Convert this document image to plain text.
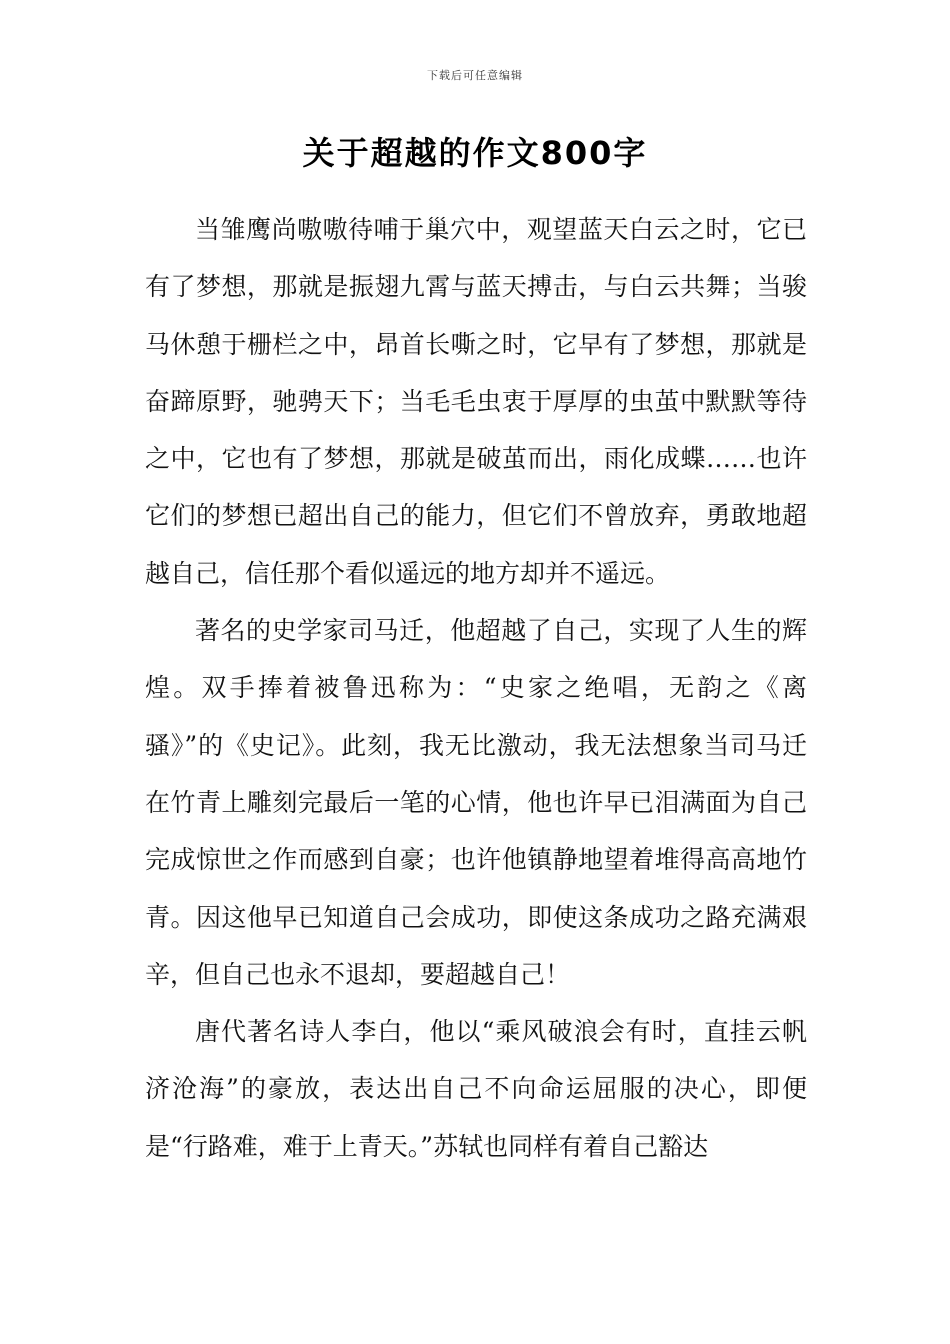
下载后可任意编辑
关于超越的作文800字

当雏鹰尚嗷嗷待哺于巢穴中，观望蓝天白云之时，它已有了梦想，那就是振翅九霄与蓝天搏击，与白云共舞；当骏马休憩于栅栏之中，昂首长嘶之时，它早有了梦想，那就是奋蹄原野，驰骋天下；当毛毛虫衷于厚厚的虫茧中默默等待之中，它也有了梦想，那就是破茧而出，雨化成蝶……也许它们的梦想已超出自己的能力，但它们不曾放弃，勇敢地超越自己，信任那个看似遥远的地方却并不遥远。

著名的史学家司马迁，他超越了自己，实现了人生的辉煌。双手捧着被鲁迅称为：“史家之绝唱，无韵之《离骚》”的《史记》。此刻，我无比激动，我无法想象当司马迁在竹青上雕刻完最后一笔的心情，他也许早已泪满面为自己完成惊世之作而感到自豪；也许他镇静地望着堆得高高地竹青。因这他早已知道自己会成功，即使这条成功之路充满艰辛，但自己也永不退却，要超越自己！

唐代著名诗人李白，他以“乘风破浪会有时，直挂云帆济沧海”的豪放，表达出自己不向命运屈服的决心，即便是“行路难，难于上青天。”苏轼也同样有着自己豁达
